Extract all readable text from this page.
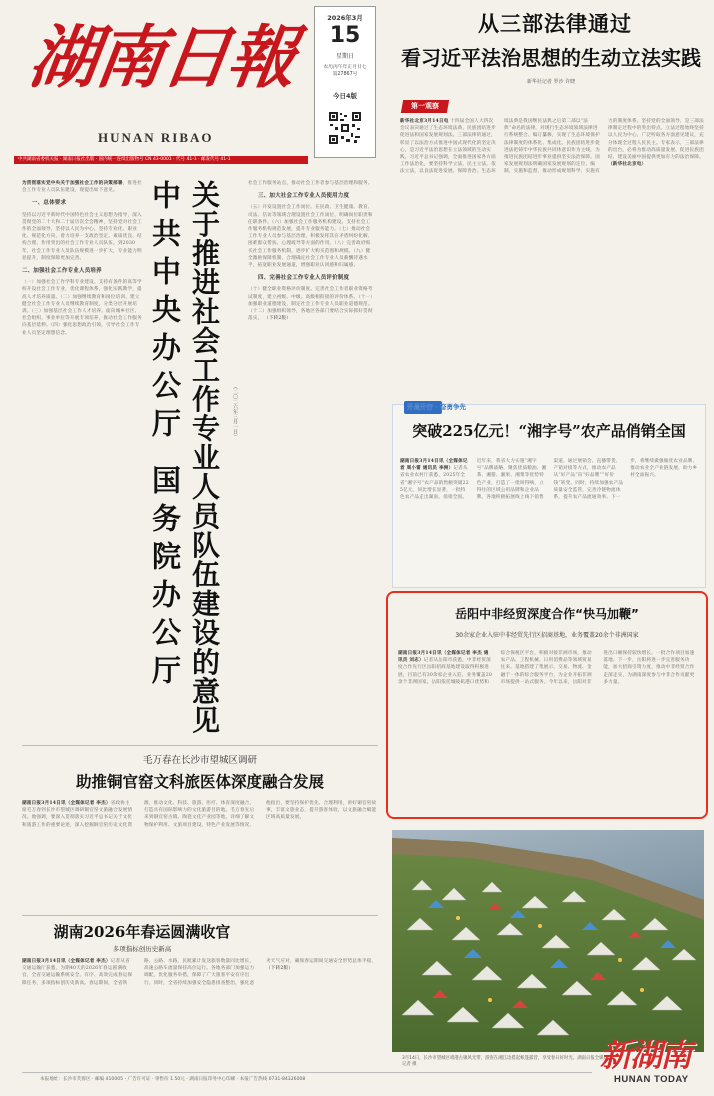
湖南日報
HUNAN RIBAO
2026年3月
15
星期日
农历丙午年正月廿七 第27867号
今日4版
从三部法律通过
看习近平法治思想的生动立法实践
新华社记者 罗沙 许晓
中共湖南省委机关报 · 湖南日报社出版 · 国内统一连续出版物号 CN 43-0001 · 代号 41-1 · 邮发代号 41-1
第一观察
新华社北京3月14日电 十四届全国人大四次会议表决通过了生态环境法典、民族团结进步促进法和国家发展规划法。三部法律的通过，彰显了以法治方式推进中国式现代化的坚定决心，是习近平法治思想在立法领域的生动实践。习近平总书记强调，全面推进国家各方面工作法治化，要坚持科学立法、民主立法、依法立法，以良法促进发展、保障善治。生态环境法典是我国继民法典之后第二部以“法典”命名的法律，对现行生态环境领域法律进行系统整合、编订纂修，实现了生态环境保护法律制度的体系化、集成化。民族团结进步促进法把铸牢中华民族共同体意识作为主线，为推进民族团结进步事业提供坚实法治保障。国家发展规划法明确国家发展规划的定位、编制、实施和监督，推动形成规划科学、实施有力的制度体系。坚持党的全面领导，是三部法律制定过程中的突出特点。立法过程始终坚持以人民为中心，广泛听取各方面意见建议，充分体现全过程人民民主。专家表示，三部法律的出台，必将为推动高质量发展、促进民族团结、建设美丽中国提供更加有力的法治保障。（新华社北京电）
中共中央办公厅 国务院办公厅 关于推进社会工作专业人员队伍建设的意见	（二〇二六年三月一日）
为贯彻落实党中央关于加强社会工作的决策部署，推进社会工作专业人员队伍建设，现提出如下意见。
一、总体要求
坚持以习近平新时代中国特色社会主义思想为指导，深入贯彻党的二十大和二十届历次全会精神，坚持党对社会工作的全面领导，坚持以人民为中心，坚持专业化、职业化、规范化方向，着力培养一支政治坚定、素质优良、结构合理、作用突出的社会工作专业人员队伍。到2030年，社会工作专业人员队伍规模进一步扩大，专业能力明显提升，制度保障更加完善。
二、加强社会工作专业人员培养
（一）加强社会工作学科专业建设。支持有条件的高等学校开设社会工作专业，优化课程体系，强化实践教学，提高人才培养质量。（二）加强继续教育和岗位培训。建立健全社会工作专业人员继续教育制度，分类分层开展培训。（三）加强基层社会工作人才培养。面向城乡社区、社会组织、事业单位等开展专项培养，推动社会工作服务向基层延伸。（四）强化思想政治引领，引导社会工作专业人员坚定理想信念。
社会工作服务站点，推动社会工作者参与基层治理和服务。
三、加大社会工作专业人员使用力度
（五）开发设置社会工作岗位。在民政、卫生健康、教育、司法、信访等领域合理设置社会工作岗位，明确岗位职责和任职条件。（六）加强社会工作服务机构建设。支持社会工作服务机构规范发展，提升专业服务能力。（七）推动社会工作专业人员参与基层治理，积极发挥其在矛盾纠纷化解、困难群众帮扶、心理疏导等方面的作用。（八）完善政府购买社会工作服务机制，逐步扩大购买范围和规模。（九）健全激励保障机制，合理确定社会工作专业人员薪酬待遇水平，拓宽职业发展通道，增强职业认同感和归属感。
四、完善社会工作专业人员评价制度
（十）健全职业资格评价制度。完善社会工作者职业资格考试制度，建立初级、中级、高级相衔接的评价体系。（十一）加强职业道德建设，制定社会工作专业人员职业道德规范。（十二）加强组织领导，各地区各部门要结合实际抓好贯彻落实。 （下转2版）
开局开好 · 奋勇争先
突破225亿元！“湘字号”农产品俏销全国
湖南日报3月14日讯（全媒体记者 周小雷 通讯员 李洲）记者从省农业农村厅获悉，2025年全省“湘字号”农产品销售额突破225亿元，同比增长显著，一批特色农产品走出湖南、俏销全国。近年来，我省大力实施“湘字号”品牌战略，聚焦优质粮油、湘茶、湘猪、湘果、湘菜等优势特色产业，打造了一批叫得响、立得住的区域公用品牌和企业品牌。各地积极拓展线上线下销售渠道，通过展销会、直播带货、产销对接等方式，推动农产品从“好产品”向“好品牌”“好价钱”转变。同时，持续加强农产品质量安全监管，完善冷链物流体系，提升农产品流通效率。下一步，将继续做强做优农业品牌，推动农业全产业链发展，助力乡村全面振兴。
岳阳中非经贸深度合作“快马加鞭”
30余家企业入驻中非经贸先行区招商基地，业务覆盖20余个非洲国家
湖南日报3月14日讯（全媒体记者 李杰 通讯员 刘志）记者从岳阳市获悉，中非经贸深度合作先行区岳阳招商基地建设取得积极进展，目前已有30余家企业入驻，业务覆盖20余个非洲国家。岳阳依托城陵矶港口优势和综合保税区平台，积极对接非洲市场，推动农产品、工程机械、日用消费品等领域贸易往来。基地搭建了集展示、交易、物流、金融于一体的综合服务平台，为企业开拓非洲市场提供一站式服务。今年以来，岳阳对非进出口额保持较快增长，一批合作项目加速落地。下一步，岳阳将进一步完善服务功能，加大招商引资力度，推动中非经贸合作走深走实，为湖南深度参与中非合作贡献更多力量。
毛万春在长沙市望城区调研
助推铜官窑文科旅医体深度融合发展
湖南日报3月14日讯（全媒体记者 李杰）省政协主席毛万春到长沙市望城区调研铜官窑文旅融合发展情况。他强调，要深入贯彻落实习近平总书记关于文化和旅游工作的重要论述，深入挖掘铜官窑历史文化资源，推动文化、科技、旅游、医疗、体育深度融合，打造具有国际影响力的文化旅游目的地。毛万春先后来到铜官窑古镇、陶瓷文化产业园等地，详细了解文物保护利用、文旅项目建设、特色产业发展等情况。他指出，要坚持保护优先、合理利用，讲好铜官窑故事，丰富文旅业态，提升游客体验，以文旅融合赋能区域高质量发展。
湖南2026年春运圆满收官
多项指标创历史新高
湖南日报3月14日讯（全媒体记者 李杰）记者从省交通运输厅获悉，为期40天的2026年春运圆满收官，全省交通运输系统安全、有序、高效完成春运保障任务，多项指标创历史新高。春运期间，全省铁路、公路、水路、民航累计发送旅客数量同比增长，高速公路车流量保持高位运行。各地各部门加强运力调配，优化服务举措，保障了广大旅客平安有序出行。同时，全省持续加强安全隐患排查整治，强化恶劣天气应对，确保春运期间交通安全形势总体平稳。 （下转2版）
3月14日，长沙市望城区靖港古镇风光带，游客在湘江边搭起帐篷露营，享受春日好时光。湖南日报全媒体记者 摄	新湖南
HUNAN TODAY
本报地址：长沙市芙蓉区 · 邮编 410005 · 广告许可证 · 零售价 1.50元 · 湖南日报印务中心印刷 · 本报广告热线 0731-84326008
